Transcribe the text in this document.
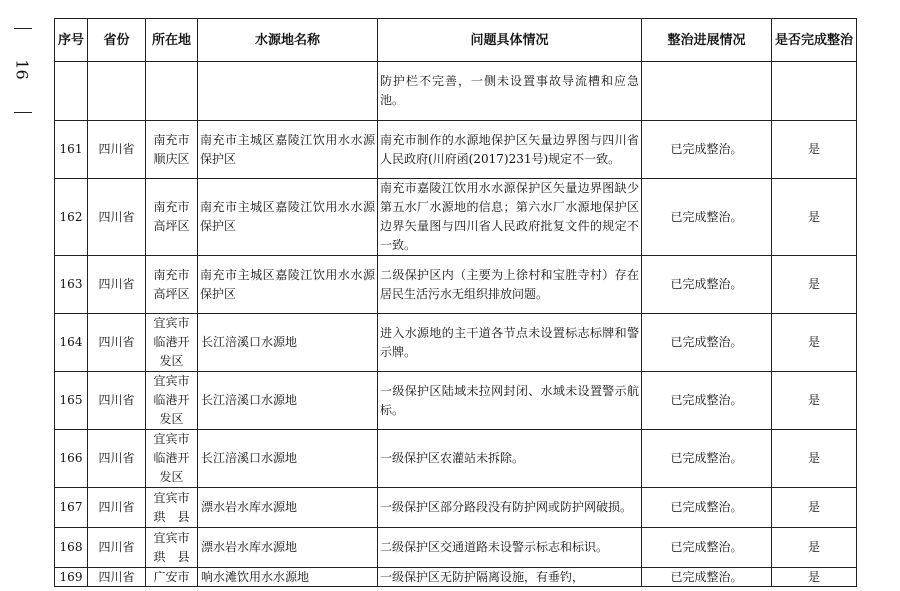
16
序号	省份	所在地	水源地名称	问题具体情况	整治进展情况	是否完成整治
				防护栏不完善，一侧未设置事故导流槽和应急池。		
161	四川省	南充市顺庆区	南充市主城区嘉陵江饮用水水源保护区	南充市制作的水源地保护区矢量边界图与四川省人民政府(川府函(2017)231号)规定不一致。	已完成整治。	是
162	四川省	南充市高坪区	南充市主城区嘉陵江饮用水水源保护区	南充市嘉陵江饮用水水源保护区矢量边界图缺少第五水厂水源地的信息；第六水厂水源地保护区边界矢量图与四川省人民政府批复文件的规定不一致。	已完成整治。	是
163	四川省	南充市高坪区	南充市主城区嘉陵江饮用水水源保护区	二级保护区内（主要为上徐村和宝胜寺村）存在居民生活污水无组织排放问题。	已完成整治。	是
164	四川省	宜宾市临港开发区	长江涪溪口水源地	进入水源地的主干道各节点未设置标志标牌和警示牌。	已完成整治。	是
165	四川省	宜宾市临港开发区	长江涪溪口水源地	一级保护区陆域未拉网封闭、水域未设置警示航标。	已完成整治。	是
166	四川省	宜宾市临港开发区	长江涪溪口水源地	一级保护区农灌站未拆除。	已完成整治。	是
167	四川省	宜宾市珙　县	漂水岩水库水源地	一级保护区部分路段没有防护网或防护网破损。	已完成整治。	是
168	四川省	宜宾市珙　县	漂水岩水库水源地	二级保护区交通道路未设警示标志和标识。	已完成整治。	是
169	四川省	广安市	响水滩饮用水水源地	一级保护区无防护隔离设施，有垂钓，	已完成整治。	是
